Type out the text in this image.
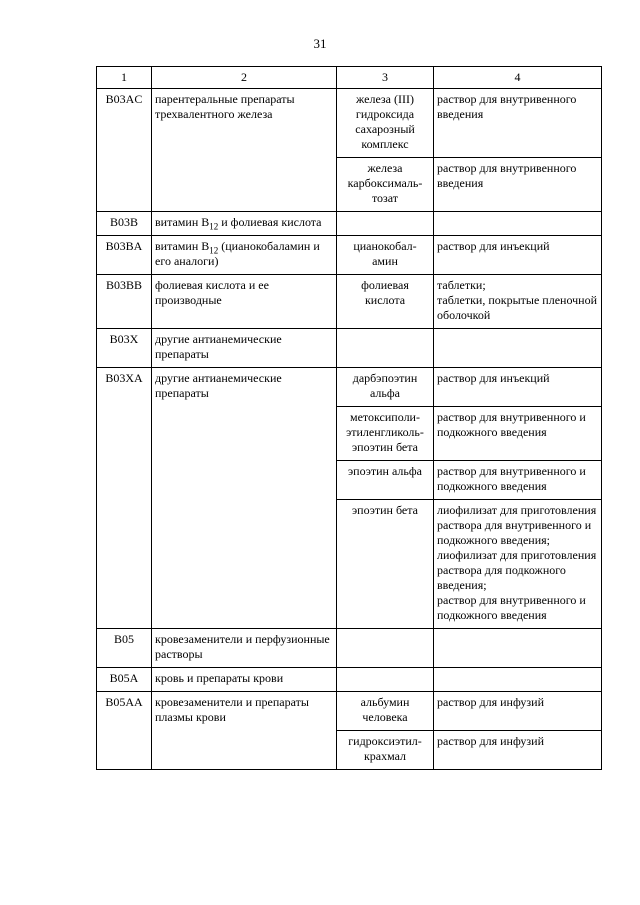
31
1	2	3	4
B03AC	парентеральные препараты трехвалентного железа	железа (III)
гидроксида
сахарозный
комплекс	раствор для внутривенного введения
		железа
карбоксималь-
тозат	раствор для внутривенного введения
B03B	витамин $B_{12}$ и фолиевая кислота		
B03BA	витамин $B_{12}$ (цианокобаламин и его аналоги)	цианокобал-
амин	раствор для инъекций
B03BB	фолиевая кислота и ее производные	фолиевая
кислота	таблетки;
таблетки, покрытые пленочной оболочкой
B03X	другие антианемические препараты		
B03XA	другие антианемические препараты	дарбэпоэтин
альфа	раствор для инъекций
		метоксиполи-
этиленгликоль-
эпоэтин бета	раствор для внутривенного и подкожного введения
		эпоэтин альфа	раствор для внутривенного и подкожного введения
		эпоэтин бета	лиофилизат для приготовления раствора для внутривенного и подкожного введения;
лиофилизат для приготовления раствора для подкожного введения;
раствор для внутривенного и подкожного введения
B05	кровезаменители и перфузионные растворы		
B05A	кровь и препараты крови		
B05AA	кровезаменители и препараты плазмы крови	альбумин
человека	раствор для инфузий
		гидроксиэтил-
крахмал	раствор для инфузий
